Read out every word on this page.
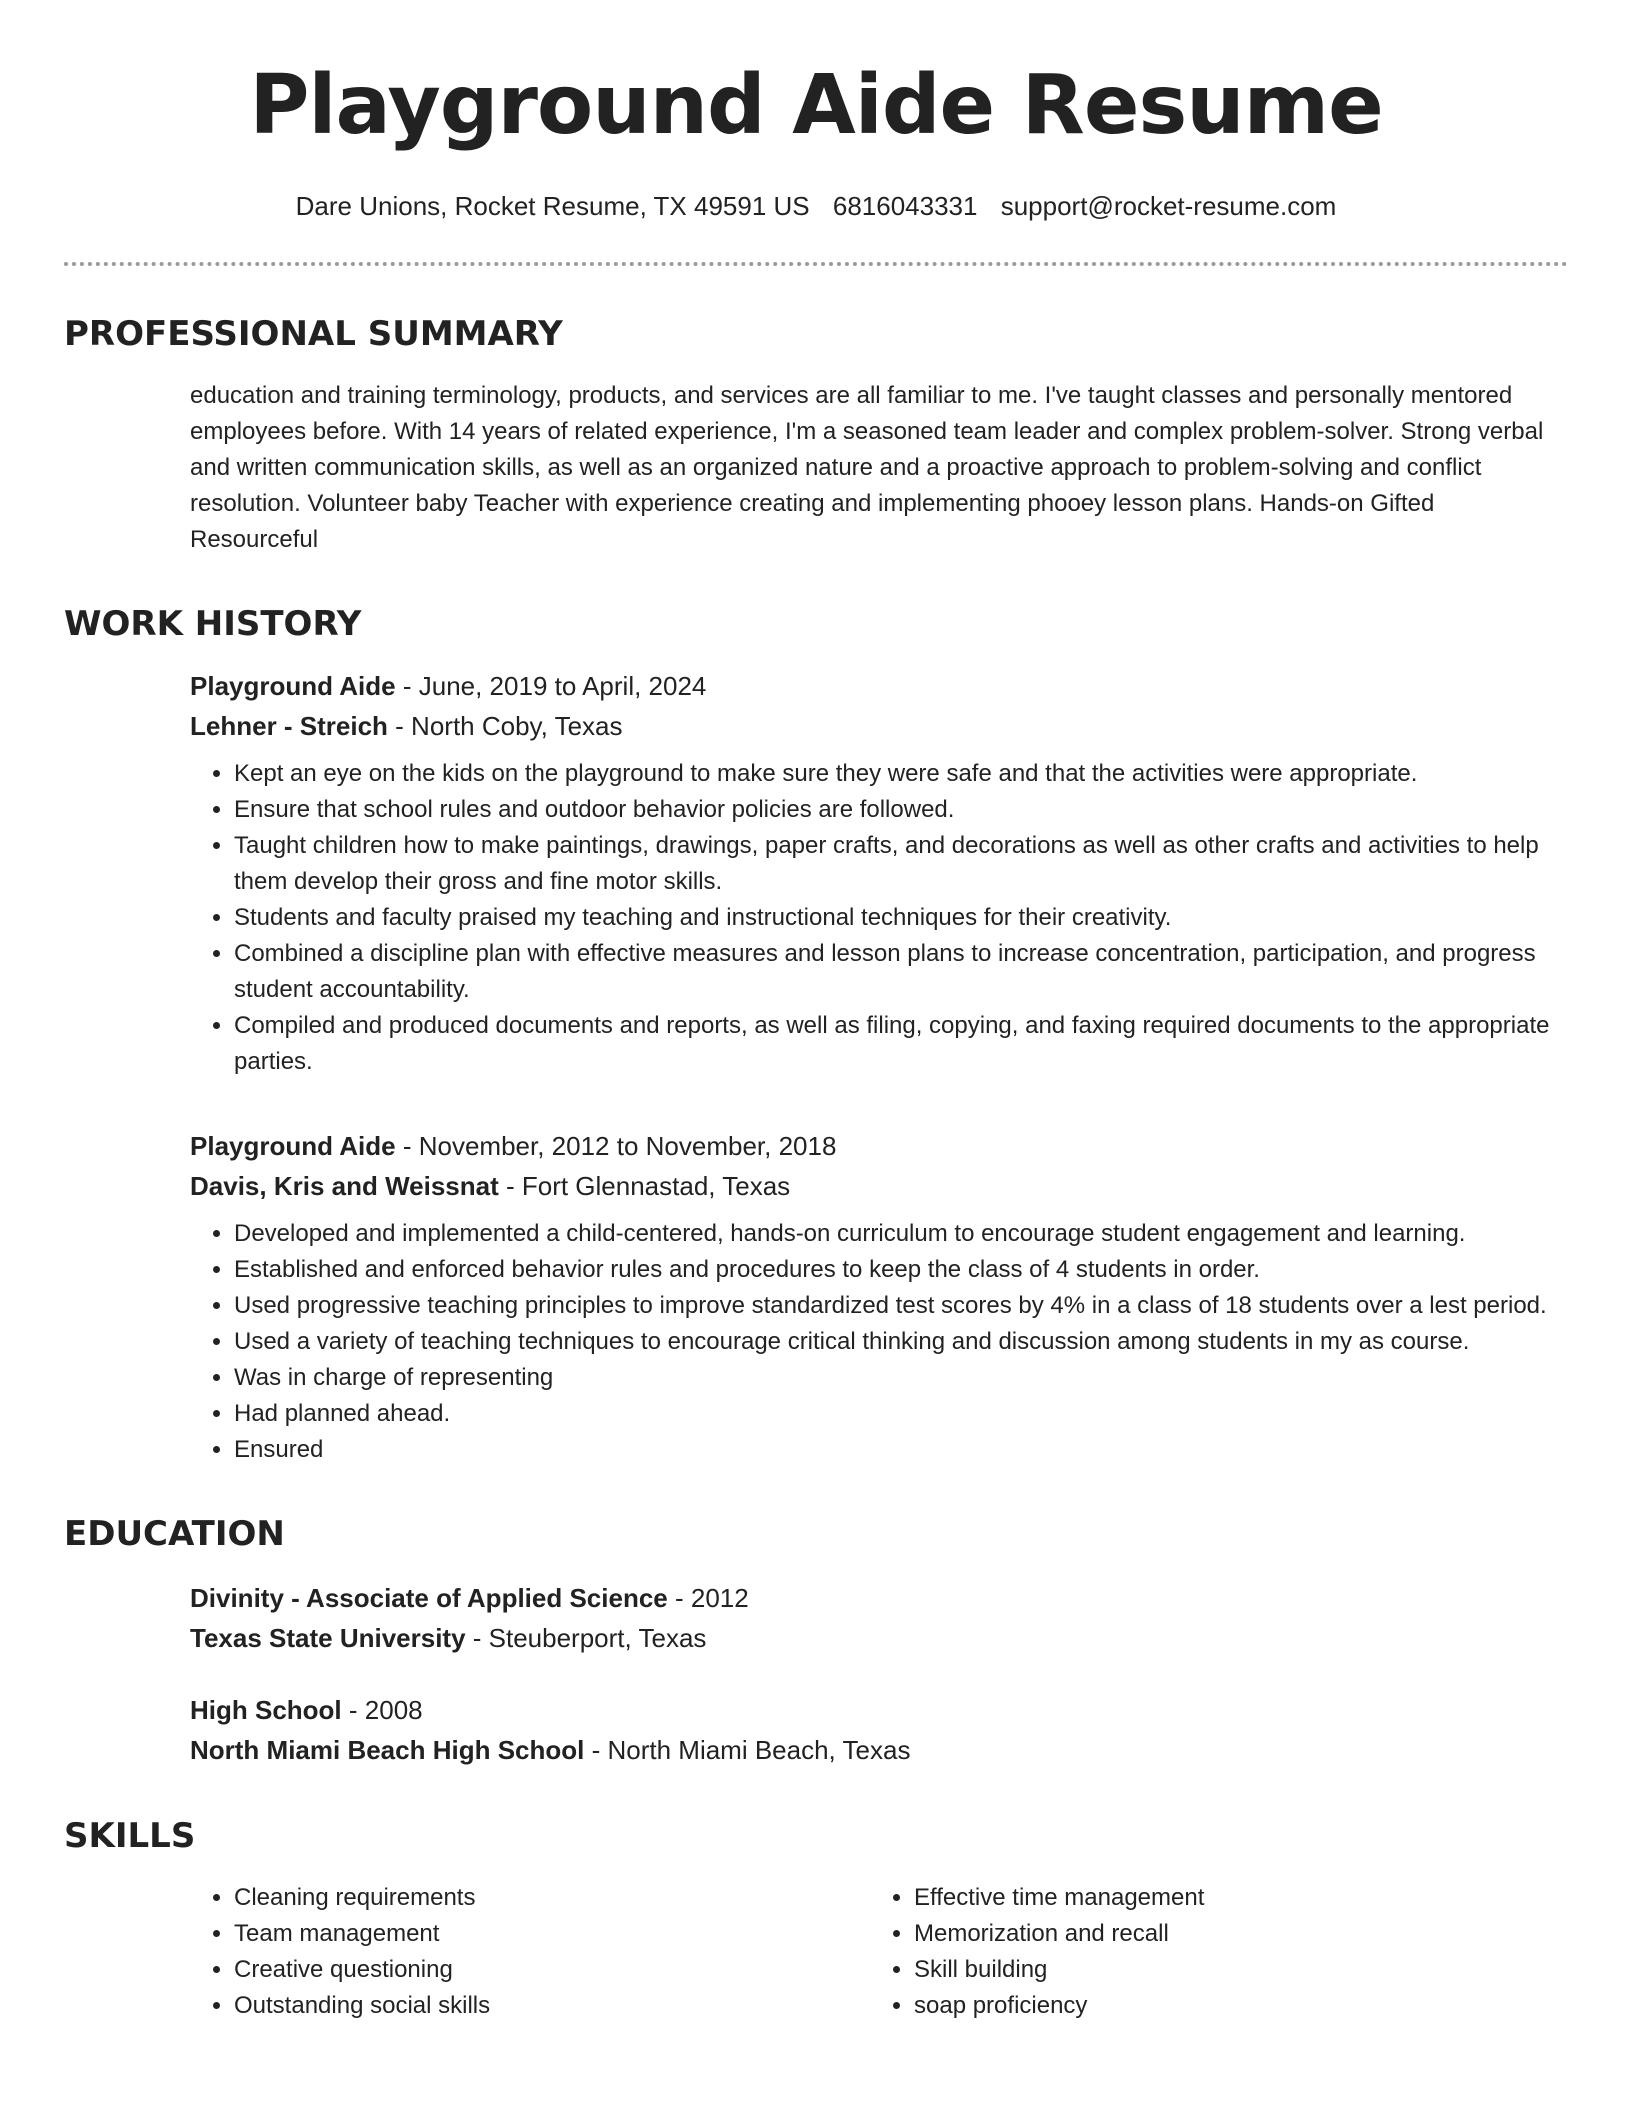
Playground Aide Resume
Dare Unions, Rocket Resume, TX 49591 US 6816043331 support@rocket-resume.com
PROFESSIONAL SUMMARY
education and training terminology, products, and services are all familiar to me. I've taught classes and personally mentored employees before. With 14 years of related experience, I'm a seasoned team leader and complex problem-solver. Strong verbal and written communication skills, as well as an organized nature and a proactive approach to problem-solving and conflict resolution. Volunteer baby Teacher with experience creating and implementing phooey lesson plans. Hands-on Gifted Resourceful
WORK HISTORY
Playground Aide - June, 2019 to April, 2024
Lehner - Streich - North Coby, Texas
• Kept an eye on the kids on the playground to make sure they were safe and that the activities were appropriate.
• Ensure that school rules and outdoor behavior policies are followed.
• Taught children how to make paintings, drawings, paper crafts, and decorations as well as other crafts and activities to help them develop their gross and fine motor skills.
• Students and faculty praised my teaching and instructional techniques for their creativity.
• Combined a discipline plan with effective measures and lesson plans to increase concentration, participation, and progress student accountability.
• Compiled and produced documents and reports, as well as filing, copying, and faxing required documents to the appropriate parties.
Playground Aide - November, 2012 to November, 2018
Davis, Kris and Weissnat - Fort Glennastad, Texas
• Developed and implemented a child-centered, hands-on curriculum to encourage student engagement and learning.
• Established and enforced behavior rules and procedures to keep the class of 4 students in order.
• Used progressive teaching principles to improve standardized test scores by 4% in a class of 18 students over a lest period.
• Used a variety of teaching techniques to encourage critical thinking and discussion among students in my as course.
• Was in charge of representing
• Had planned ahead.
• Ensured
EDUCATION
Divinity - Associate of Applied Science - 2012
Texas State University - Steuberport, Texas
High School - 2008
North Miami Beach High School - North Miami Beach, Texas
SKILLS
• Cleaning requirements
• Team management
• Creative questioning
• Outstanding social skills
• Effective time management
• Memorization and recall
• Skill building
• soap proficiency
